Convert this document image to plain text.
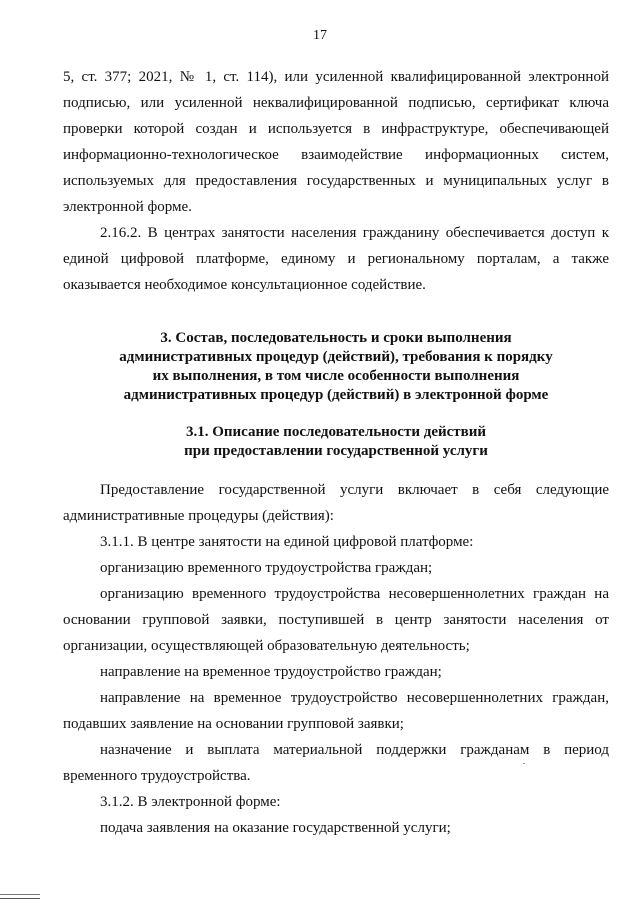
17

5, ст. 377; 2021, № 1, ст. 114), или усиленной квалифицированной электронной подписью, или усиленной неквалифицированной подписью, сертификат ключа проверки которой создан и используется в инфраструктуре, обеспечивающей информационно-технологическое взаимодействие информационных систем, используемых для предоставления государственных и муниципальных услуг в электронной форме.

2.16.2. В центрах занятости населения гражданину обеспечивается доступ к единой цифровой платформе, единому и региональному порталам, а также оказывается необходимое консультационное содействие.

3. Состав, последовательность и сроки выполнения
административных процедур (действий), требования к порядку
их выполнения, в том числе особенности выполнения
административных процедур (действий) в электронной форме
3.1. Описание последовательности действий
при предоставлении государственной услуги

Предоставление государственной услуги включает в себя следующие административные процедуры (действия):

3.1.1. В центре занятости на единой цифровой платформе:

организацию временного трудоустройства граждан;

организацию временного трудоустройства несовершеннолетних граждан на основании групповой заявки, поступившей в центр занятости населения от организации, осуществляющей образовательную деятельность;

направление на временное трудоустройство граждан;

направление на временное трудоустройство несовершеннолетних граждан, подавших заявление на основании групповой заявки;

назначение и выплата материальной поддержки гражданам в период временного трудоустройства.

3.1.2. В электронной форме:

подача заявления на оказание государственной услуги;
